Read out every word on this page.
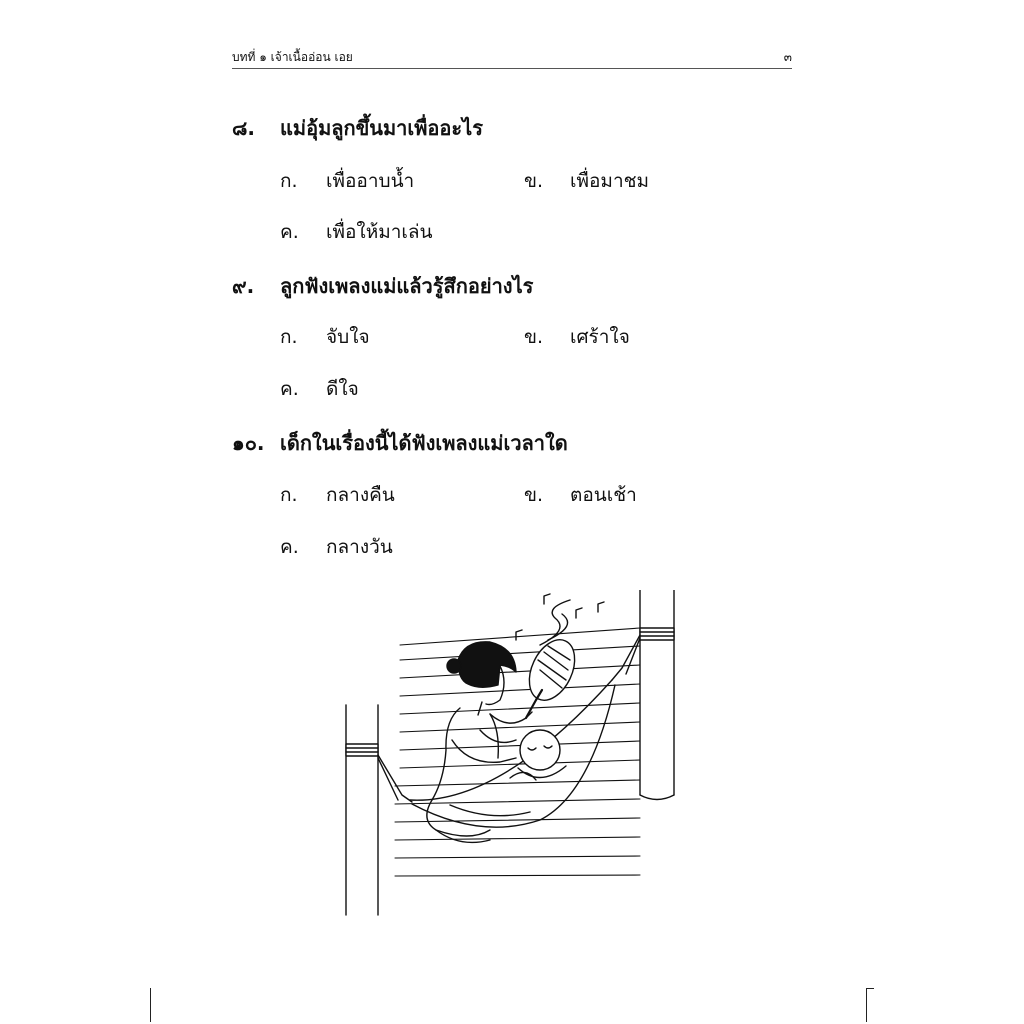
บทที่ ๑ เจ้าเนื้ออ่อน เอย	๓
๘. แม่อุ้มลูกขึ้นมาเพื่ออะไร
ก. เพื่ออาบน้ำ	ข. เพื่อมาชม
ค. เพื่อให้มาเล่น
๙. ลูกฟังเพลงแม่แล้วรู้สึกอย่างไร
ก. จับใจ	ข. เศร้าใจ
ค. ดีใจ
๑๐. เด็กในเรื่องนี้ได้ฟังเพลงแม่เวลาใด
ก. กลางคืน	ข. ตอนเช้า
ค. กลางวัน
